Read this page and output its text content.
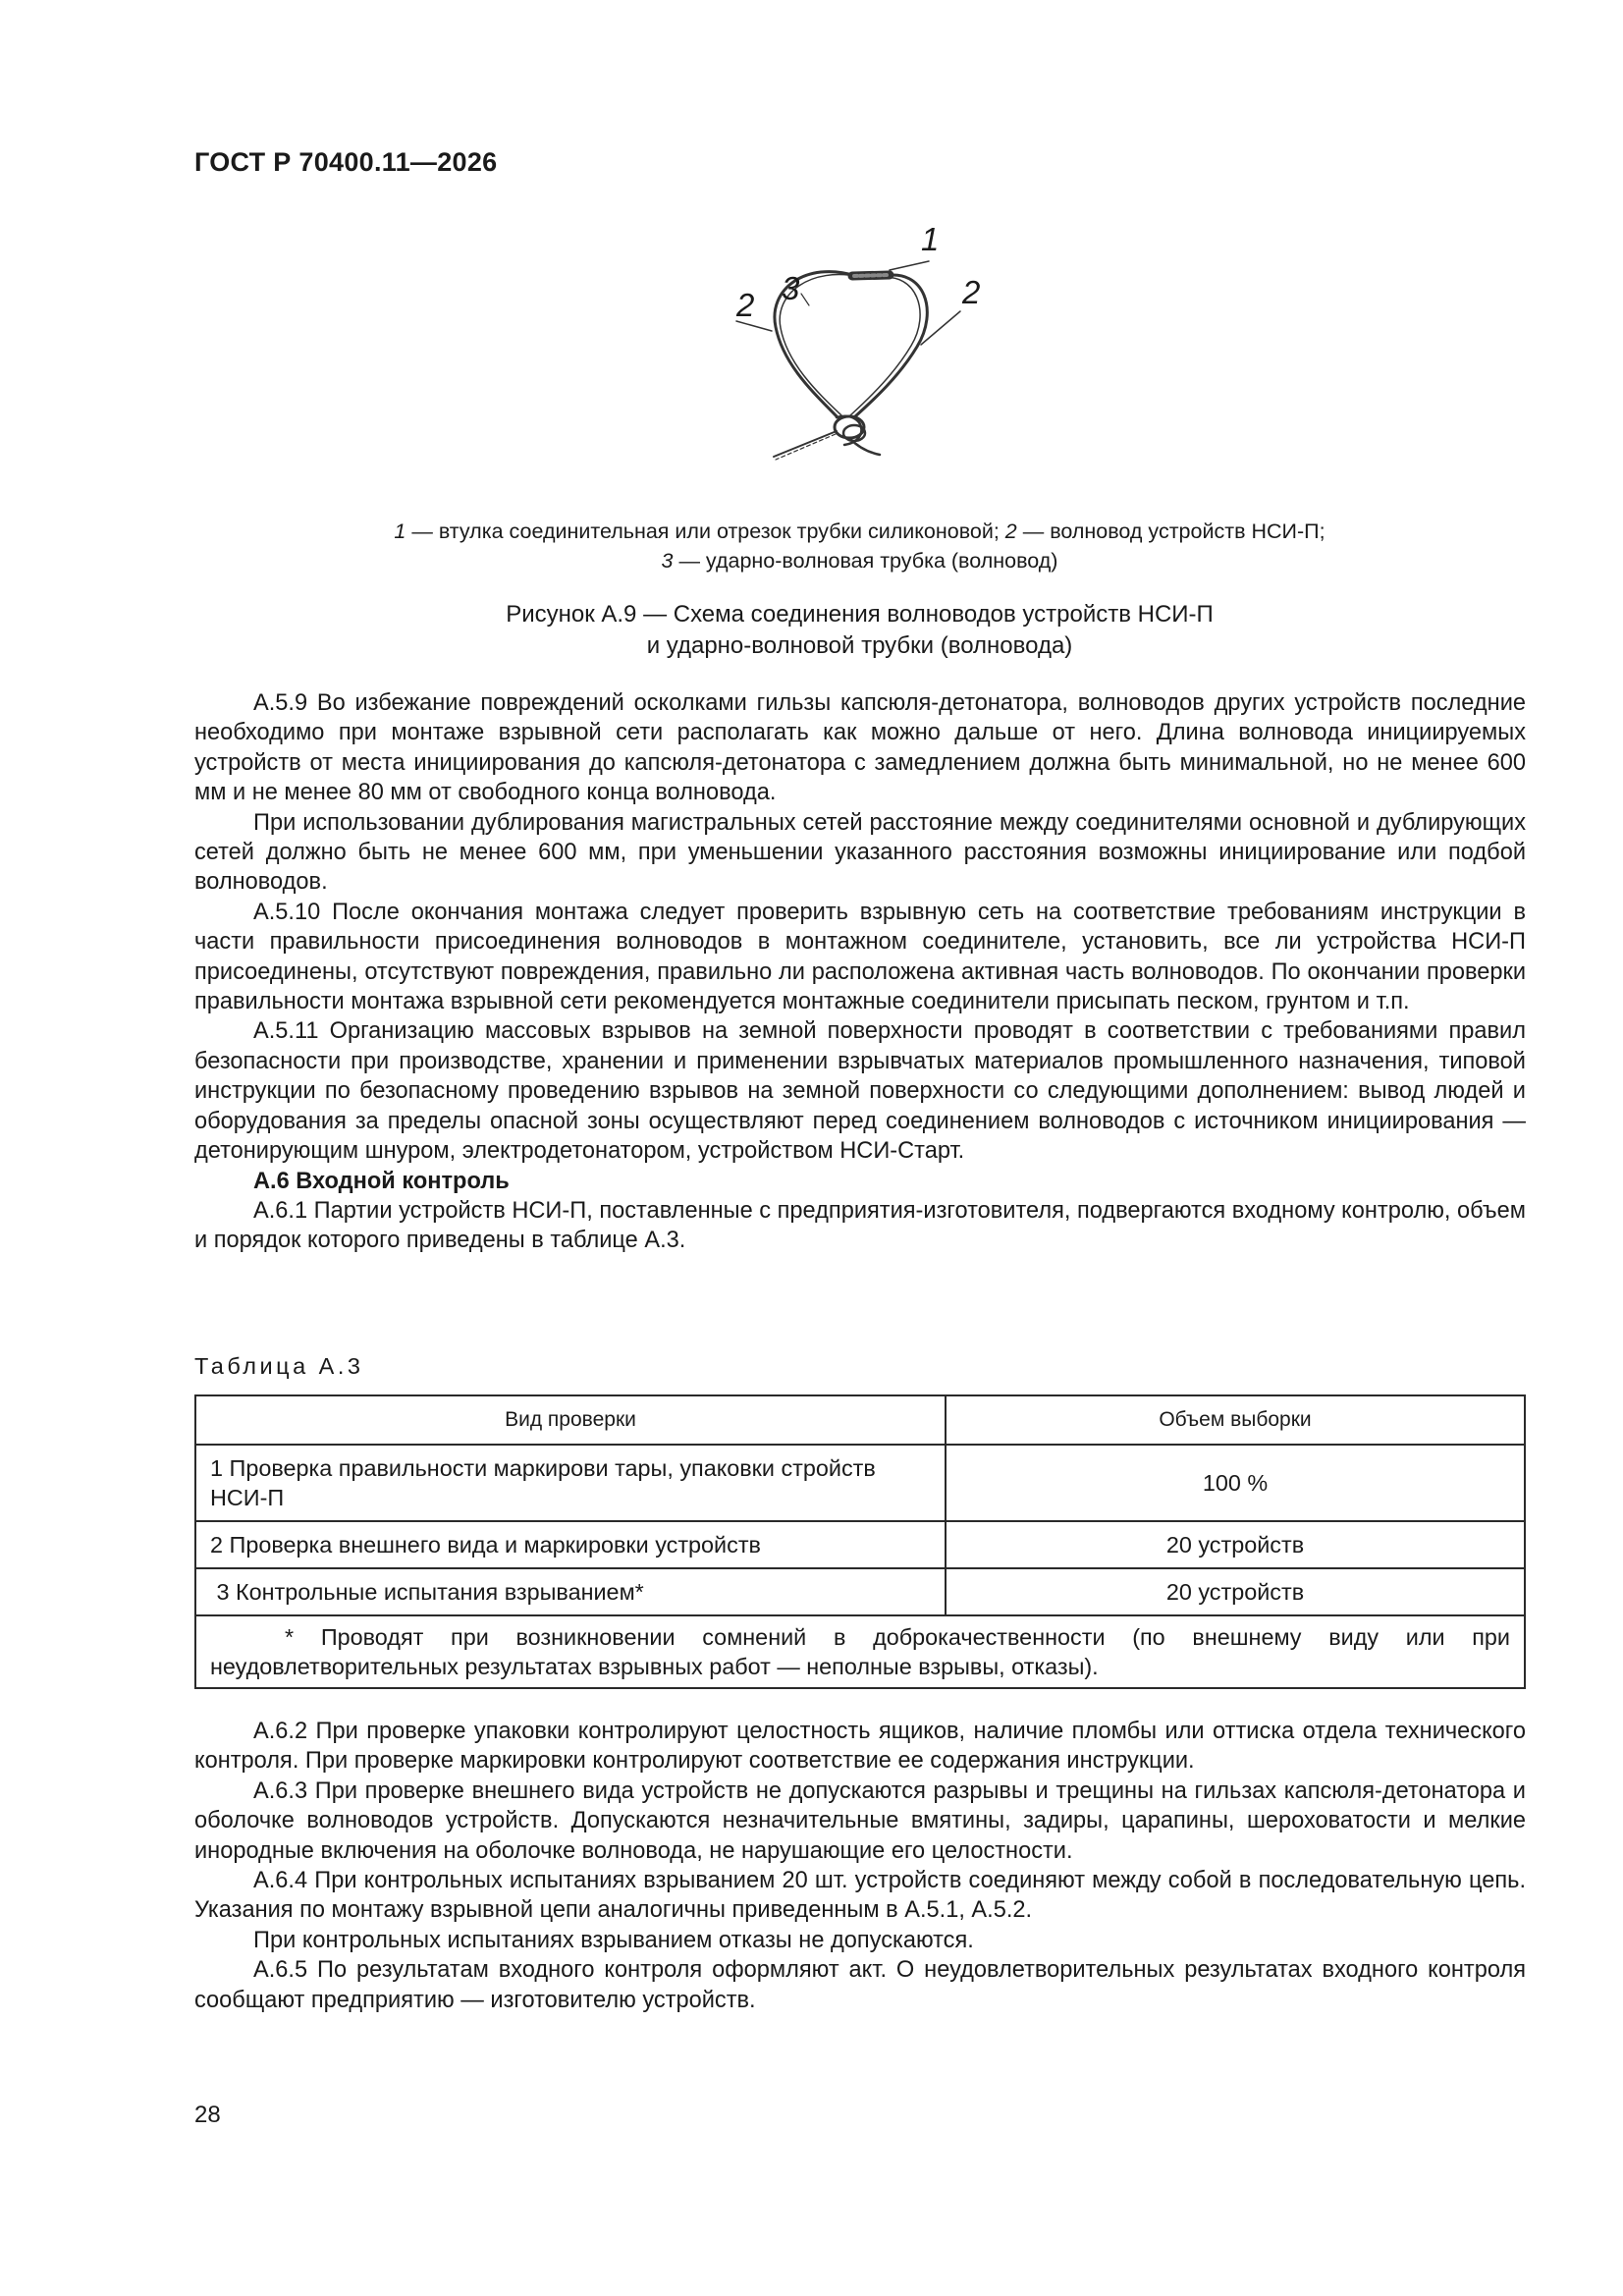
ГОСТ Р 70400.11—2026
1
2 3	2
1 — втулка соединительная или отрезок трубки силиконовой; 2 — волновод устройств НСИ-П;
3 — ударно-волновая трубка (волновод)
Рисунок А.9 — Схема соединения волноводов устройств НСИ-П
и ударно-волновой трубки (волновода)

А.5.9 Во избежание повреждений осколками гильзы капсюля-детонатора, волноводов других устройств последние необходимо при монтаже взрывной сети располагать как можно дальше от него. Длина волновода инициируемых устройств от места инициирования до капсюля-детонатора с замедлением должна быть минимальной, но не менее 600 мм и не менее 80 мм от свободного конца волновода.

При использовании дублирования магистральных сетей расстояние между соединителями основной и дублирующих сетей должно быть не менее 600 мм, при уменьшении указанного расстояния возможны инициирование или подбой волноводов.

А.5.10 После окончания монтажа следует проверить взрывную сеть на соответствие требованиям инструкции в части правильности присоединения волноводов в монтажном соединителе, установить, все ли устройства НСИ-П присоединены, отсутствуют повреждения, правильно ли расположена активная часть волноводов. По окончании проверки правильности монтажа взрывной сети рекомендуется монтажные соединители присыпать песком, грунтом и т.п.

А.5.11 Организацию массовых взрывов на земной поверхности проводят в соответствии с требованиями правил безопасности при производстве, хранении и применении взрывчатых материалов промышленного назначения, типовой инструкции по безопасному проведению взрывов на земной поверхности со следующими дополнением: вывод людей и оборудования за пределы опасной зоны осуществляют перед соединением волноводов с источником инициирования — детонирующим шнуром, электродетонатором, устройством НСИ-Старт.

А.6 Входной контроль

А.6.1 Партии устройств НСИ-П, поставленные с предприятия-изготовителя, подвергаются входному контролю, объем и порядок которого приведены в таблице А.3.

Таблица А.3
Вид проверки	Объем выборки
1 Проверка правильности маркирови тары, упаковки стройств НСИ-П	100 %
2 Проверка внешнего вида и маркировки устройств	20 устройств
3 Контрольные испытания взрыванием*	20 устройств

* Проводят при возникновении сомнений в доброкачественности (по внешнему виду или при неудовлетворительных результатах взрывных работ — неполные взрывы, отказы).	

А.6.2 При проверке упаковки контролируют целостность ящиков, наличие пломбы или оттиска отдела технического контроля. При проверке маркировки контролируют соответствие ее содержания инструкции.

А.6.3 При проверке внешнего вида устройств не допускаются разрывы и трещины на гильзах капсюля-детонатора и оболочке волноводов устройств. Допускаются незначительные вмятины, задиры, царапины, шероховатости и мелкие инородные включения на оболочке волновода, не нарушающие его целостности.

А.6.4 При контрольных испытаниях взрыванием 20 шт. устройств соединяют между собой в последовательную цепь. Указания по монтажу взрывной цепи аналогичны приведенным в А.5.1, А.5.2.

При контрольных испытаниях взрыванием отказы не допускаются.

А.6.5 По результатам входного контроля оформляют акт. О неудовлетворительных результатах входного контроля сообщают предприятию — изготовителю устройств.

28
